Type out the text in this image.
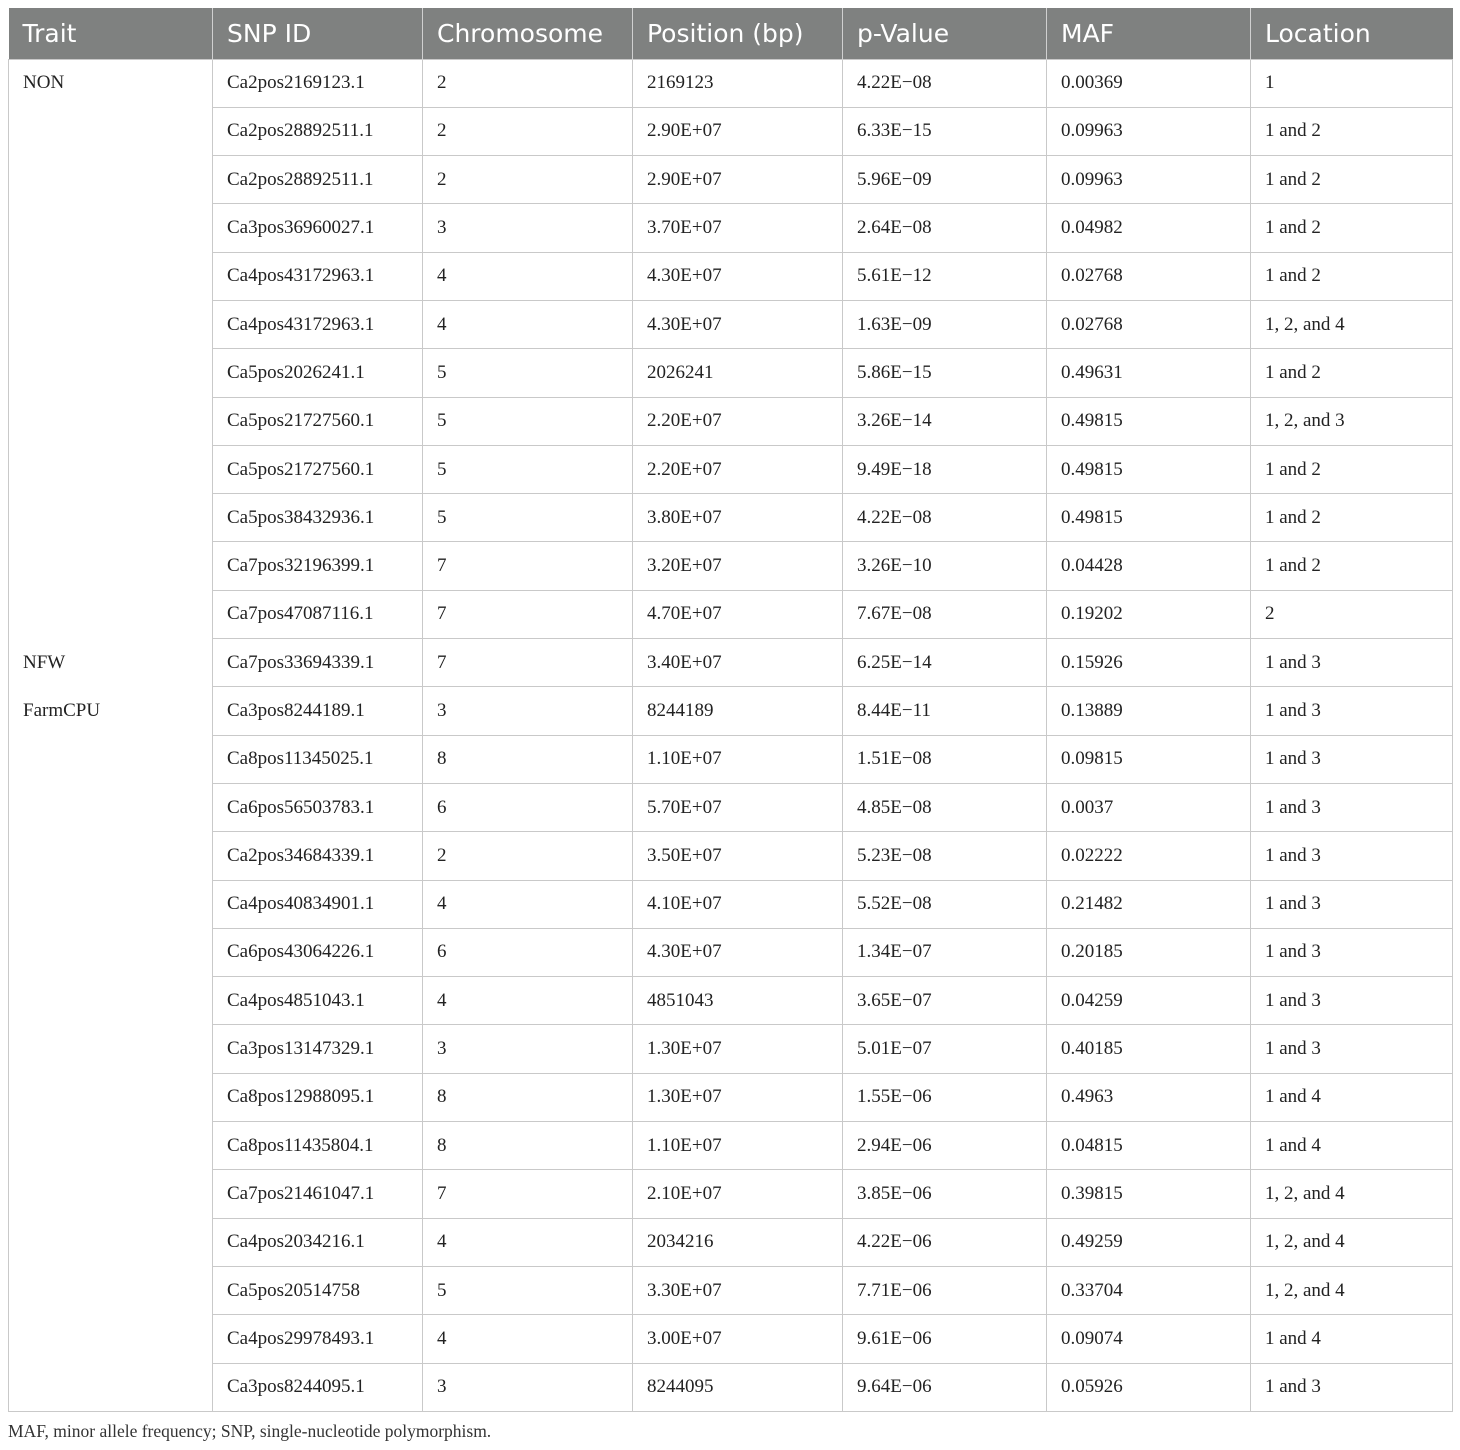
Trait	SNP ID	Chromosome	Position (bp)	p-Value	MAF	Location
NON	Ca2pos2169123.1	2	2169123	4.22E−08	0.00369	1
	Ca2pos28892511.1	2	2.90E+07	6.33E−15	0.09963	1 and 2
	Ca2pos28892511.1	2	2.90E+07	5.96E−09	0.09963	1 and 2
	Ca3pos36960027.1	3	3.70E+07	2.64E−08	0.04982	1 and 2
	Ca4pos43172963.1	4	4.30E+07	5.61E−12	0.02768	1 and 2
	Ca4pos43172963.1	4	4.30E+07	1.63E−09	0.02768	1, 2, and 4
	Ca5pos2026241.1	5	2026241	5.86E−15	0.49631	1 and 2
	Ca5pos21727560.1	5	2.20E+07	3.26E−14	0.49815	1, 2, and 3
	Ca5pos21727560.1	5	2.20E+07	9.49E−18	0.49815	1 and 2
	Ca5pos38432936.1	5	3.80E+07	4.22E−08	0.49815	1 and 2
	Ca7pos32196399.1	7	3.20E+07	3.26E−10	0.04428	1 and 2
	Ca7pos47087116.1	7	4.70E+07	7.67E−08	0.19202	2
NFW	Ca7pos33694339.1	7	3.40E+07	6.25E−14	0.15926	1 and 3
FarmCPU	Ca3pos8244189.1	3	8244189	8.44E−11	0.13889	1 and 3
	Ca8pos11345025.1	8	1.10E+07	1.51E−08	0.09815	1 and 3
	Ca6pos56503783.1	6	5.70E+07	4.85E−08	0.0037	1 and 3
	Ca2pos34684339.1	2	3.50E+07	5.23E−08	0.02222	1 and 3
	Ca4pos40834901.1	4	4.10E+07	5.52E−08	0.21482	1 and 3
	Ca6pos43064226.1	6	4.30E+07	1.34E−07	0.20185	1 and 3
	Ca4pos4851043.1	4	4851043	3.65E−07	0.04259	1 and 3
	Ca3pos13147329.1	3	1.30E+07	5.01E−07	0.40185	1 and 3
	Ca8pos12988095.1	8	1.30E+07	1.55E−06	0.4963	1 and 4
	Ca8pos11435804.1	8	1.10E+07	2.94E−06	0.04815	1 and 4
	Ca7pos21461047.1	7	2.10E+07	3.85E−06	0.39815	1, 2, and 4
	Ca4pos2034216.1	4	2034216	4.22E−06	0.49259	1, 2, and 4
	Ca5pos20514758	5	3.30E+07	7.71E−06	0.33704	1, 2, and 4
	Ca4pos29978493.1	4	3.00E+07	9.61E−06	0.09074	1 and 4
	Ca3pos8244095.1	3	8244095	9.64E−06	0.05926	1 and 3
MAF, minor allele frequency; SNP, single-nucleotide polymorphism.
